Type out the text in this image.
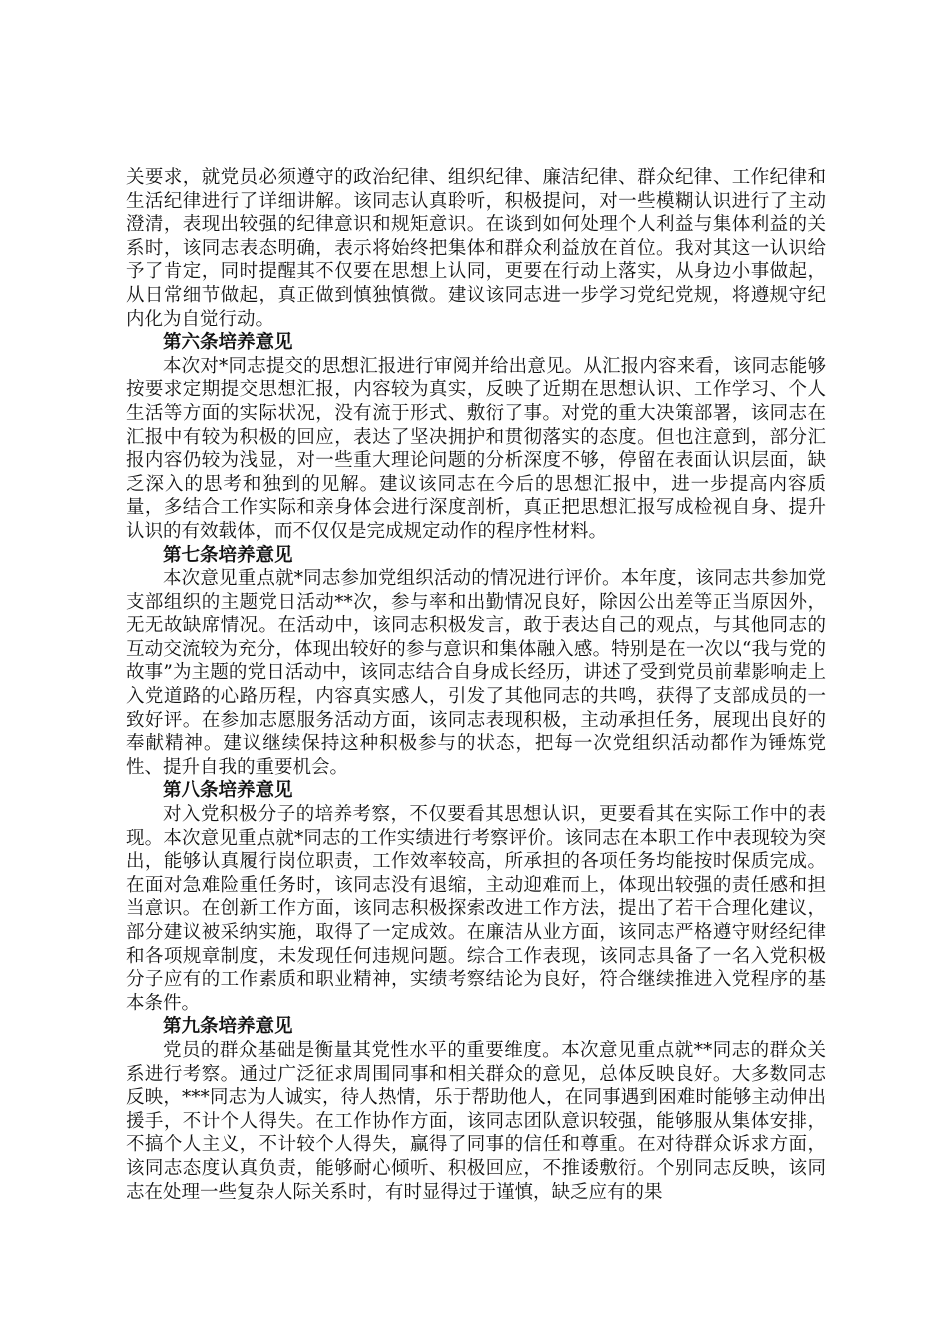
关要求，就党员必须遵守的政治纪律、组织纪律、廉洁纪律、群众纪律、工作纪律和生活纪律进行了详细讲解。该同志认真聆听，积极提问，对一些模糊认识进行了主动澄清，表现出较强的纪律意识和规矩意识。在谈到如何处理个人利益与集体利益的关系时，该同志表态明确，表示将始终把集体和群众利益放在首位。我对其这一认识给予了肯定，同时提醒其不仅要在思想上认同，更要在行动上落实，从身边小事做起，从日常细节做起，真正做到慎独慎微。建议该同志进一步学习党纪党规，将遵规守纪内化为自觉行动。

第六条培养意见

本次对*同志提交的思想汇报进行审阅并给出意见。从汇报内容来看，该同志能够按要求定期提交思想汇报，内容较为真实，反映了近期在思想认识、工作学习、个人生活等方面的实际状况，没有流于形式、敷衍了事。对党的重大决策部署，该同志在汇报中有较为积极的回应，表达了坚决拥护和贯彻落实的态度。但也注意到，部分汇报内容仍较为浅显，对一些重大理论问题的分析深度不够，停留在表面认识层面，缺乏深入的思考和独到的见解。建议该同志在今后的思想汇报中，进一步提高内容质量，多结合工作实际和亲身体会进行深度剖析，真正把思想汇报写成检视自身、提升认识的有效载体，而不仅仅是完成规定动作的程序性材料。

第七条培养意见

本次意见重点就*同志参加党组织活动的情况进行评价。本年度，该同志共参加党支部组织的主题党日活动**次，参与率和出勤情况良好，除因公出差等正当原因外，无无故缺席情况。在活动中，该同志积极发言，敢于表达自己的观点，与其他同志的互动交流较为充分，体现出较好的参与意识和集体融入感。特别是在一次以“我与党的故事”为主题的党日活动中，该同志结合自身成长经历，讲述了受到党员前辈影响走上入党道路的心路历程，内容真实感人，引发了其他同志的共鸣，获得了支部成员的一致好评。在参加志愿服务活动方面，该同志表现积极，主动承担任务，展现出良好的奉献精神。建议继续保持这种积极参与的状态，把每一次党组织活动都作为锤炼党性、提升自我的重要机会。

第八条培养意见

对入党积极分子的培养考察，不仅要看其思想认识，更要看其在实际工作中的表现。本次意见重点就*同志的工作实绩进行考察评价。该同志在本职工作中表现较为突出，能够认真履行岗位职责，工作效率较高，所承担的各项任务均能按时保质完成。在面对急难险重任务时，该同志没有退缩，主动迎难而上，体现出较强的责任感和担当意识。在创新工作方面，该同志积极探索改进工作方法，提出了若干合理化建议，部分建议被采纳实施，取得了一定成效。在廉洁从业方面，该同志严格遵守财经纪律和各项规章制度，未发现任何违规问题。综合工作表现，该同志具备了一名入党积极分子应有的工作素质和职业精神，实绩考察结论为良好，符合继续推进入党程序的基本条件。

第九条培养意见

党员的群众基础是衡量其党性水平的重要维度。本次意见重点就**同志的群众关系进行考察。通过广泛征求周围同事和相关群众的意见，总体反映良好。大多数同志反映，***同志为人诚实，待人热情，乐于帮助他人，在同事遇到困难时能够主动伸出援手，不计个人得失。在工作协作方面，该同志团队意识较强，能够服从集体安排，不搞个人主义，不计较个人得失，赢得了同事的信任和尊重。在对待群众诉求方面，该同志态度认真负责，能够耐心倾听、积极回应，不推诿敷衍。个别同志反映，该同志在处理一些复杂人际关系时，有时显得过于谨慎，缺乏应有的果
